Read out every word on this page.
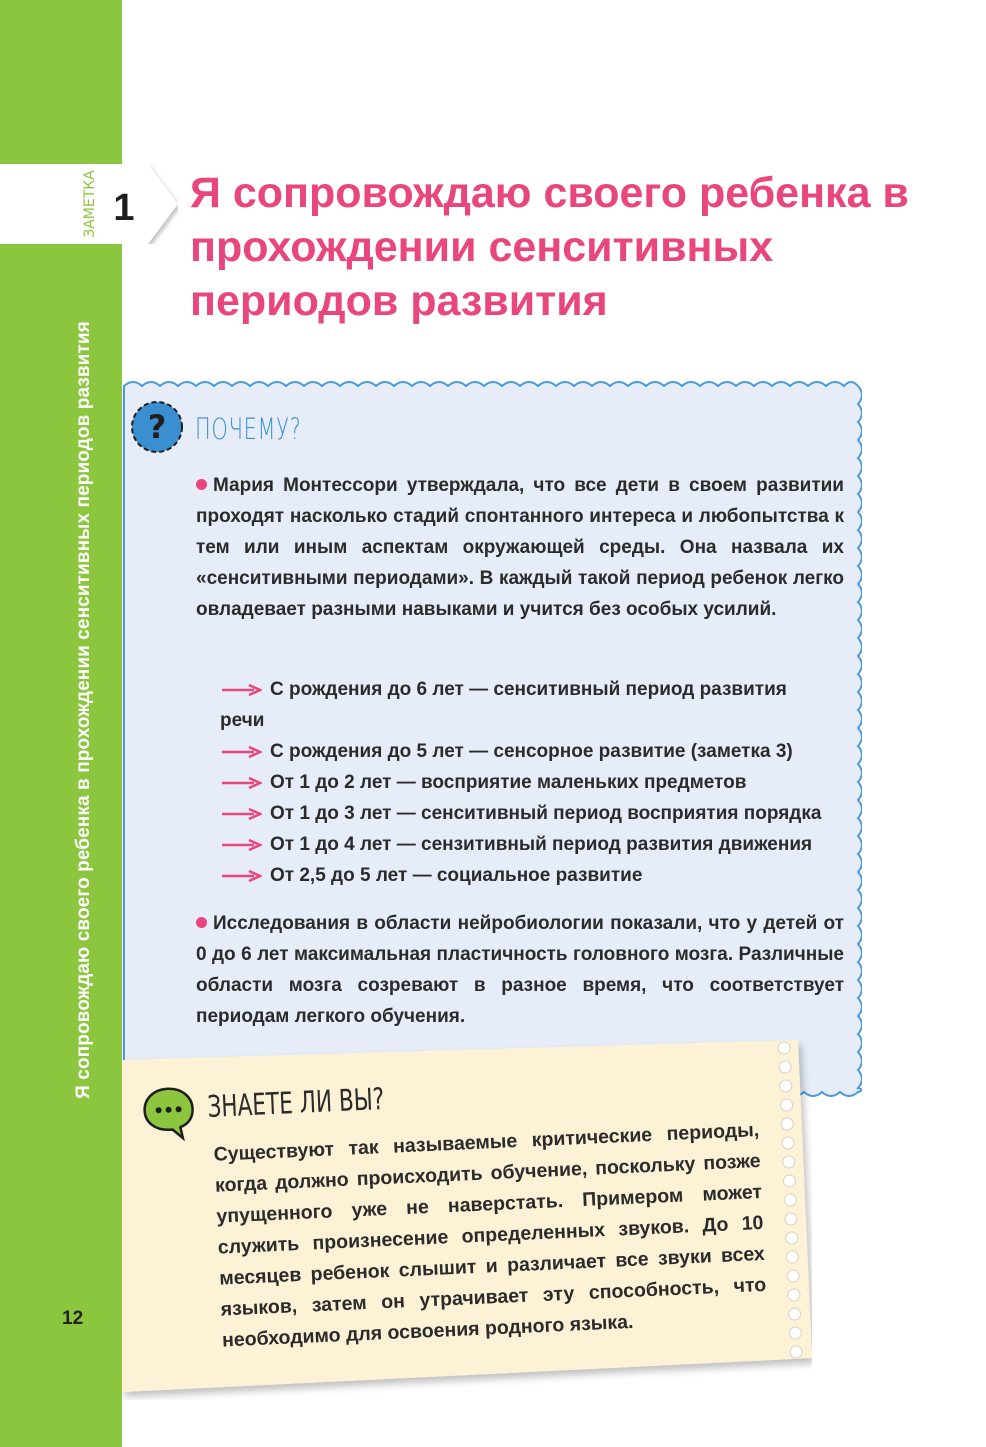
Я сопровождаю своего ребенка в прохождении сенситивных периодов развития
ЗАМЕТКА 1 Я сопровождаю своего ребенка в прохождении сенситивных периодов развития
? ПОЧЕМУ?

Мария Монтессори утверждала, что все дети в своем развитии проходят насколько стадий спонтанного интереса и любопытства к тем или иным аспектам окружающей среды. Она назвала их «сенситивными периодами». В каждый такой период ребенок легко овладевает разными навыками и учится без особых усилий.

С рождения до 6 лет — сенситивный период развития
речи
С рождения до 5 лет — сенсорное развитие (заметка 3)
От 1 до 2 лет — восприятие маленьких предметов
От 1 до 3 лет — сенситивный период восприятия порядка
От 1 до 4 лет — сензитивный период развития движения
От 2,5 до 5 лет — социальное развитие

Исследования в области нейробиологии показали, что у детей от 0 до 6 лет максимальная пластичность головного мозга. Различные области мозга созревают в разное время, что соответствует периодам легкого обучения.

ЗНАЕТЕ ЛИ ВЫ?

Существуют так называемые критические периоды, когда должно происходить обучение, поскольку позже упущенного уже не наверстать. Примером может служить произнесение определенных звуков. До 10 месяцев ребенок слышит и различает все звуки всех языков, затем он утрачивает эту способность, что необходимо для освоения родного языка.

12
